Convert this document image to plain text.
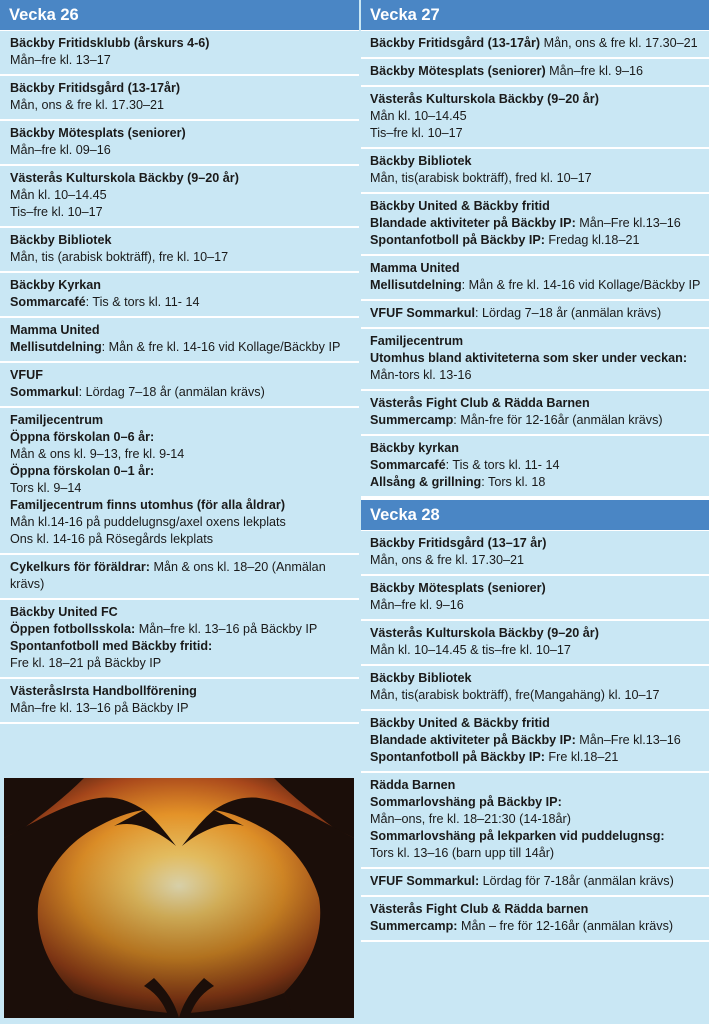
Vecka 26
Bäckby Fritidsklubb (årskurs 4-6)
Mån–fre kl. 13–17
Bäckby Fritidsgård (13-17år)
Mån, ons & fre kl. 17.30–21
Bäckby Mötesplats (seniorer)
Mån–fre kl. 09–16
Västerås Kulturskola Bäckby (9–20 år)
Mån kl. 10–14.45
Tis–fre kl. 10–17
Bäckby Bibliotek
Mån, tis (arabisk bokträff), fre kl. 10–17
Bäckby Kyrkan
Sommarcafé: Tis & tors kl. 11- 14
Mamma United
Mellisutdelning: Mån & fre kl. 14-16 vid Kollage/Bäckby IP
VFUF
Sommarkul: Lördag 7–18 år (anmälan krävs)
Familjecentrum
Öppna förskolan 0–6 år:
Mån & ons kl. 9–13, fre kl. 9-14
Öppna förskolan 0–1 år:
Tors kl. 9–14
Familjecentrum finns utomhus (för alla åldrar)
Mån kl.14-16 på puddelugnsg/axel oxens lekplats
Ons kl. 14-16 på Rösegårds lekplats
Cykelkurs för föräldrar: Mån & ons kl. 18–20 (Anmälan krävs)
Bäckby United FC
Öppen fotbollsskola: Mån–fre kl. 13–16 på Bäckby IP
Spontanfotboll med Bäckby fritid:
Fre kl. 18–21 på Bäckby IP
VästeråsIrsta Handbollförening
Mån–fre kl. 13–16 på Bäckby IP
Vecka 27
Bäckby Fritidsgård (13-17år) Mån, ons & fre kl. 17.30–21
Bäckby Mötesplats (seniorer) Mån–fre kl. 9–16
Västerås Kulturskola Bäckby (9–20 år)
Mån kl. 10–14.45
Tis–fre kl. 10–17
Bäckby Bibliotek
Mån, tis(arabisk bokträff), fred kl. 10–17
Bäckby United & Bäckby fritid
Blandade aktiviteter på Bäckby IP: Mån–Fre kl.13–16
Spontanfotboll på Bäckby IP: Fredag kl.18–21
Mamma United
Mellisutdelning: Mån & fre kl. 14-16 vid Kollage/Bäckby IP
VFUF Sommarkul: Lördag 7–18 år (anmälan krävs)
Familjecentrum
Utomhus bland aktiviteterna som sker under veckan: Mån-tors kl. 13-16
Västerås Fight Club & Rädda Barnen
Summercamp: Mån-fre för 12-16år (anmälan krävs)
Bäckby kyrkan
Sommarcafé: Tis & tors kl. 11- 14
Allsång & grillning: Tors kl. 18
Vecka 28
Bäckby Fritidsgård (13–17 år)
Mån, ons & fre kl. 17.30–21
Bäckby Mötesplats (seniorer)
Mån–fre kl. 9–16
Västerås Kulturskola Bäckby (9–20 år)
Mån kl. 10–14.45 & tis–fre kl. 10–17
Bäckby Bibliotek
Mån, tis(arabisk bokträff), fre(Mangahäng) kl. 10–17
Bäckby United & Bäckby fritid
Blandade aktiviteter på Bäckby IP: Mån–Fre kl.13–16
Spontanfotboll på Bäckby IP: Fre kl.18–21
Rädda Barnen
Sommarlovshäng på Bäckby IP:
Mån–ons, fre kl. 18–21:30 (14-18år)
Sommarlovshäng på lekparken vid puddelugnsg:
Tors kl. 13–16 (barn upp till 14år)
VFUF Sommarkul: Lördag för 7-18år (anmälan krävs)
Västerås Fight Club & Rädda barnen
Summercamp: Mån – fre för 12-16år (anmälan krävs)
